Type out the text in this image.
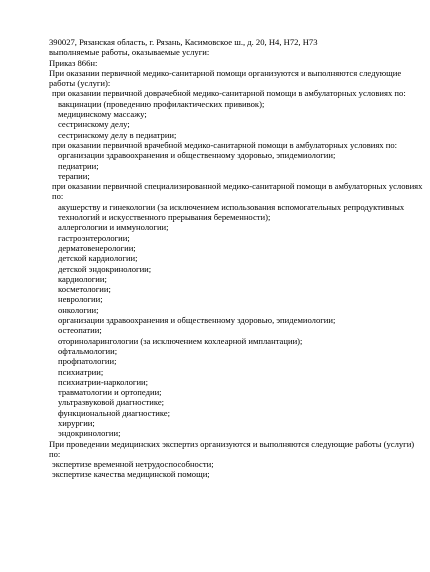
390027, Рязанская область, г. Рязань, Касимовское ш., д. 20, Н4, Н72, Н73
выполняемые работы, оказываемые услуги:
Приказ 866н:
При оказании первичной медико-санитарной помощи организуются и выполняются следующие работы (услуги):
при оказании первичной доврачебной медико-санитарной помощи в амбулаторных условиях по:
вакцинации (проведению профилактических прививок);
медицинскому массажу;
сестринскому делу;
сестринскому делу в педиатрии;
при оказании первичной врачебной медико-санитарной помощи в амбулаторных условиях по:
организации здравоохранения и общественному здоровью, эпидемиологии;
педиатрии;
терапии;
при оказании первичной специализированной медико-санитарной помощи в амбулаторных условиях по:
акушерству и гинекологии (за исключением использования вспомогательных репродуктивных технологий и искусственного прерывания беременности);
аллергологии и иммунологии;
гастроэнтерологии;
дерматовенерологии;
детской кардиологии;
детской эндокринологии;
кардиологии;
косметологии;
неврологии;
онкологии;
организации здравоохранения и общественному здоровью, эпидемиологии;
остеопатии;
оториноларингологии (за исключением кохлеарной имплантации);
офтальмологии;
профпатологии;
психиатрии;
психиатрии-наркологии;
травматологии и ортопедии;
ультразвуковой диагностике;
функциональной диагностике;
хирургии;
эндокринологии;
При проведении медицинских экспертиз организуются и выполняются следующие работы (услуги) по:
экспертизе временной нетрудоспособности;
экспертизе качества медицинской помощи;
